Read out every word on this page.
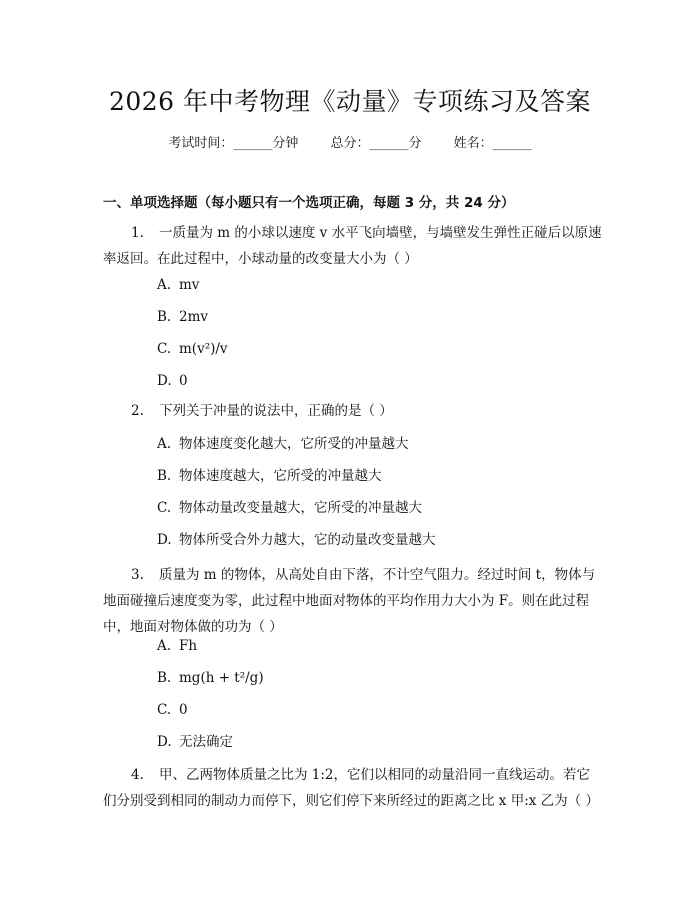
2026 年中考物理《动量》专项练习及答案
考试时间：______分钟 总分：______分 姓名：______
一、单项选择题（每小题只有一个选项正确，每题 3 分，共 24 分）
1. 一质量为 m 的小球以速度 v 水平飞向墙壁，与墙壁发生弹性正碰后以原速率返回。在此过程中，小球动量的改变量大小为（ ）
A. mv
B. 2mv
C. m(v²)/v
D. 0
2. 下列关于冲量的说法中，正确的是（ ）
A. 物体速度变化越大，它所受的冲量越大
B. 物体速度越大，它所受的冲量越大
C. 物体动量改变量越大，它所受的冲量越大
D. 物体所受合外力越大，它的动量改变量越大
3. 质量为 m 的物体，从高处自由下落，不计空气阻力。经过时间 t，物体与地面碰撞后速度变为零，此过程中地面对物体的平均作用力大小为 F。则在此过程中，地面对物体做的功为（ ）
A. Fh
B. mg(h + t²/g)
C. 0
D. 无法确定
4. 甲、乙两物体质量之比为 1:2，它们以相同的动量沿同一直线运动。若它们分别受到相同的制动力而停下，则它们停下来所经过的距离之比 x 甲:x 乙为（ ）
